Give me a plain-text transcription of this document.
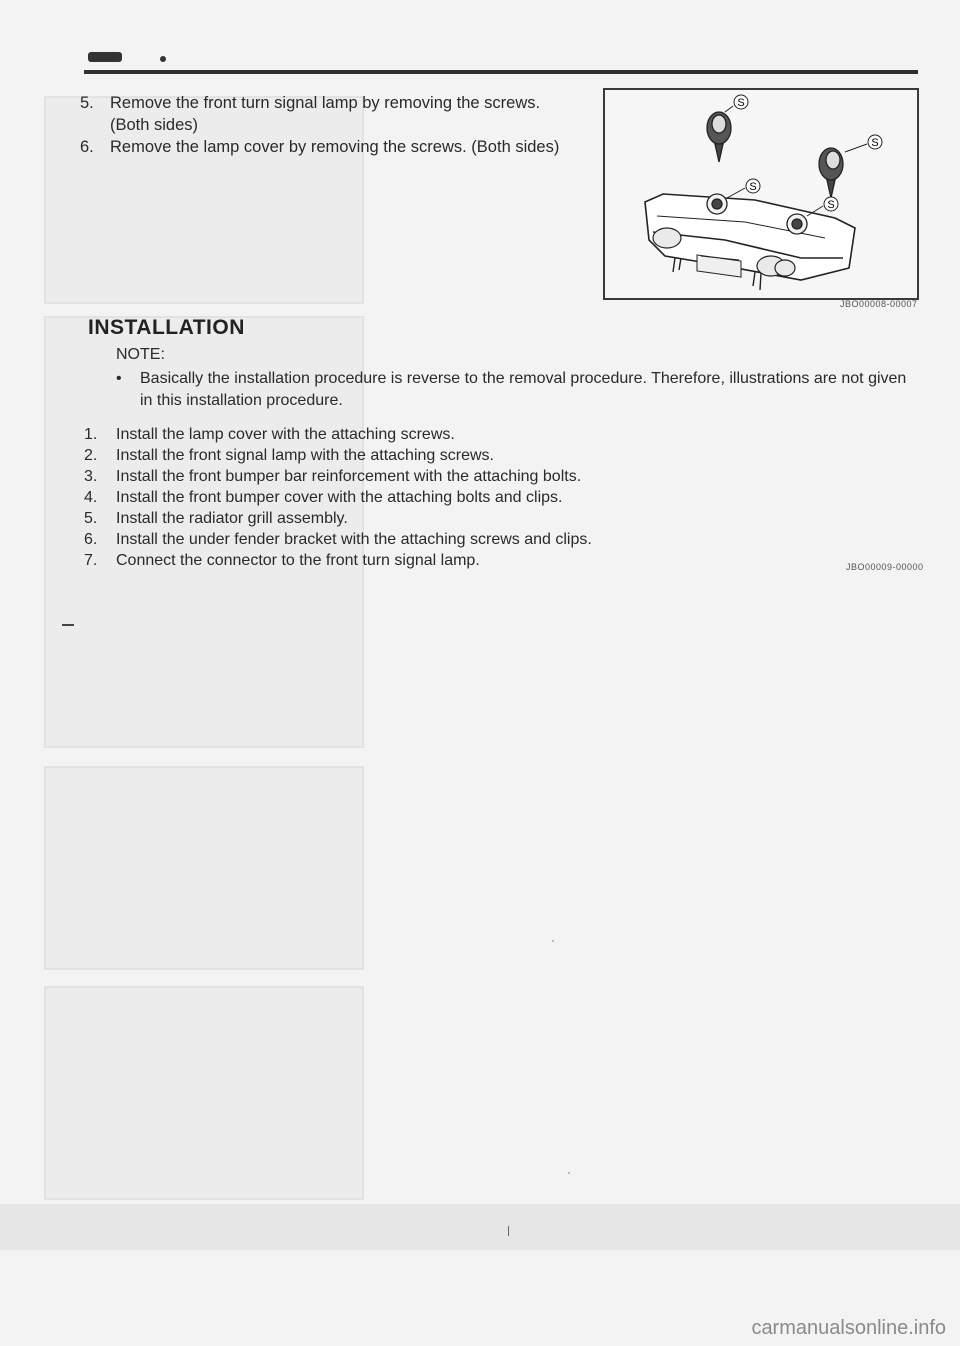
5. Remove the front turn signal lamp by removing the screws. (Both sides)
6. Remove the lamp cover by removing the screws. (Both sides)
S
S
S
S
JBO00008-00007
INSTALLATION
NOTE:
•	Basically the installation procedure is reverse to the removal procedure. Therefore, illustrations are not given in this installation procedure.
1. Install the lamp cover with the attaching screws.
2. Install the front signal lamp with the attaching screws.
3. Install the front bumper bar reinforcement with the attaching bolts.
4. Install the front bumper cover with the attaching bolts and clips.
5. Install the radiator grill assembly.
6. Install the under fender bracket with the attaching screws and clips.
7. Connect the connector to the front turn signal lamp.	JBO00009-00000
carmanualsonline.info
